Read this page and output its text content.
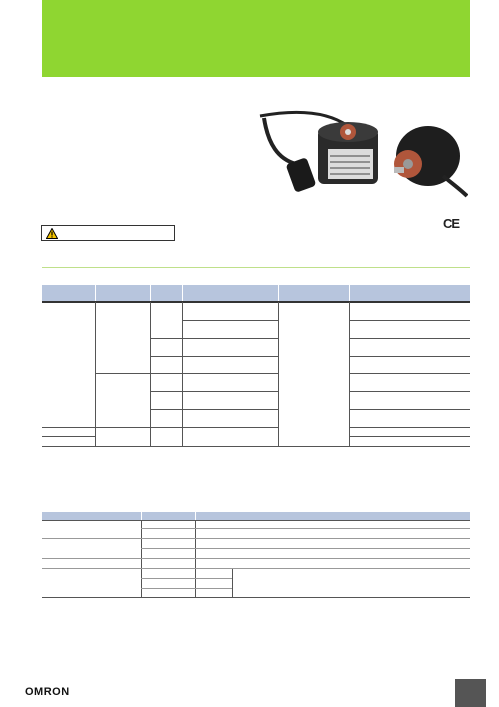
CE
OMRON
